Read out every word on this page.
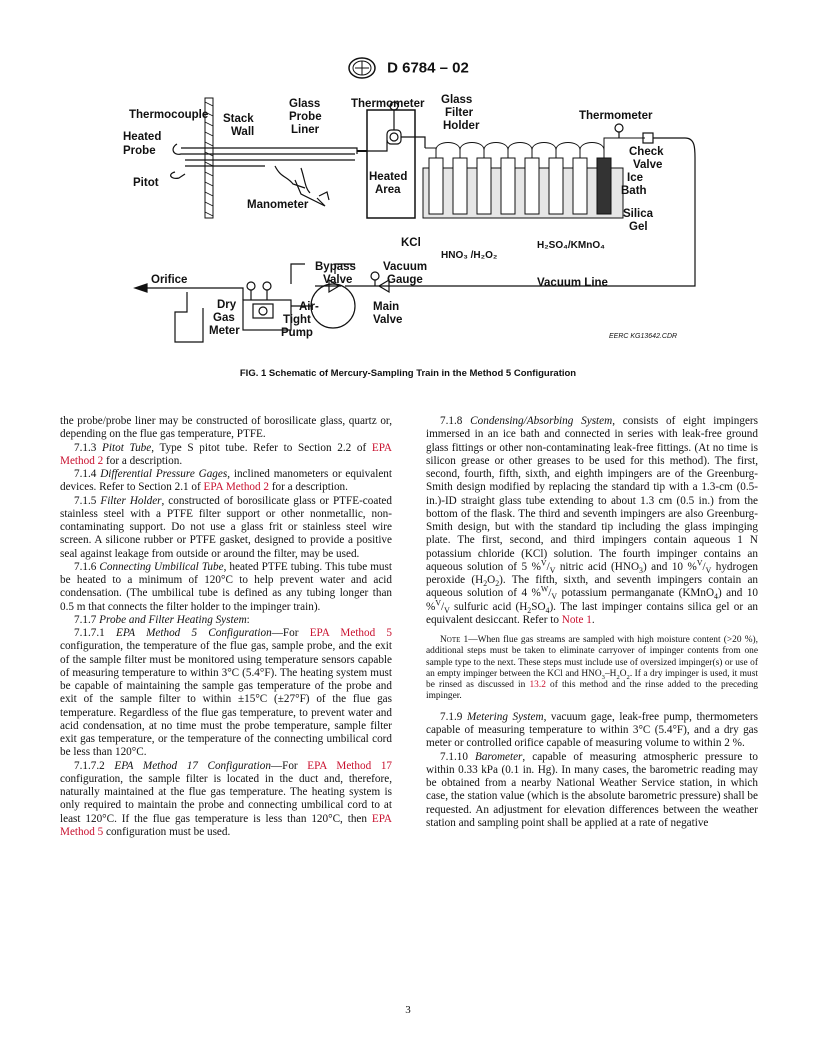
D 6784 – 02
Thermocouple Stack
Wall
Heated
Probe
Pitot
Manometer
Glass
Probe
Liner
Thermometer Glass
Filter
Holder
Heated
Area
Thermometer
Check
Valve
Ice
Bath
Silica
Gel
KCl
HNO₃ /H₂O₂
H₂SO₄/KMnO₄
Bypass
Valve
Vacuum
Gauge
Orifice
Dry
Gas
Meter
Air-
Tight
Pump
Main
Valve
Vacuum Line
EERC KG13642.CDR
FIG. 1 Schematic of Mercury-Sampling Train in the Method 5 Configuration

the probe/probe liner may be constructed of borosilicate glass, quartz or, depending on the flue gas temperature, PTFE.

7.1.3 Pitot Tube, Type S pitot tube. Refer to Section 2.2 of EPA Method 2 for a description.

7.1.4 Differential Pressure Gages, inclined manometers or equivalent devices. Refer to Section 2.1 of EPA Method 2 for a description.

7.1.5 Filter Holder, constructed of borosilicate glass or PTFE-coated stainless steel with a PTFE filter support or other nonmetallic, non-contaminating support. Do not use a glass frit or stainless steel wire screen. A silicone rubber or PTFE gasket, designed to provide a positive seal against leakage from outside or around the filter, may be used.

7.1.6 Connecting Umbilical Tube, heated PTFE tubing. This tube must be heated to a minimum of 120°C to help prevent water and acid condensation. (The umbilical tube is defined as any tubing longer than 0.5 m that connects the filter holder to the impinger train).

7.1.7 Probe and Filter Heating System:

7.1.7.1 EPA Method 5 Configuration—For EPA Method 5 configuration, the temperature of the flue gas, sample probe, and the exit of the sample filter must be monitored using temperature sensors capable of measuring temperature to within 3°C (5.4°F). The heating system must be capable of maintaining the sample gas temperature of the probe and exit of the sample filter to within ±15°C (±27°F) of the flue gas temperature. Regardless of the flue gas temperature, to prevent water and acid condensation, at no time must the probe temperature, sample filter exit gas temperature, or the temperature of the connecting umbilical cord be less than 120°C.

7.1.7.2 EPA Method 17 Configuration—For EPA Method 17 configuration, the sample filter is located in the duct and, therefore, naturally maintained at the flue gas temperature. The heating system is only required to maintain the probe and connecting umbilical cord to at least 120°C. If the flue gas temperature is less than 120°C, then EPA Method 5 configuration must be used.

7.1.8 Condensing/Absorbing System, consists of eight impingers immersed in an ice bath and connected in series with leak-free ground glass fittings or other non-contaminating leak-free fittings. (At no time is silicon grease or other greases to be used for this method). The first, second, fourth, fifth, sixth, and eighth impingers are of the Greenburg-Smith design modified by replacing the standard tip with a 1.3-cm (0.5-in.)-ID straight glass tube extending to about 1.3 cm (0.5 in.) from the bottom of the flask. The third and seventh impingers are also Greenburg-Smith design, but with the standard tip including the glass impinging plate. The first, second, and third impingers contain aqueous 1 N potassium chloride (KCl) solution. The fourth impinger contains an aqueous solution of 5 $\%^V/_V$ nitric acid $(HNO_3)$ and 10 $\%^V/_V$ hydrogen peroxide $(H_2O_2)$. The fifth, sixth, and seventh impingers contain an aqueous solution of 4 $\%^W/_V$ potassium permanganate (KMnO$_4$) and 10 $\%^V/_V$ sulfuric acid $(H_2SO_4)$. The last impinger contains silica gel or an equivalent desiccant. Refer to Note 1.

Note 1—When flue gas streams are sampled with high moisture content (>20 %), additional steps must be taken to eliminate carryover of impinger contents from one sample type to the next. These steps must include use of oversized impinger(s) or use of an empty impinger between the KCl and $HNO_3-H_2O_2$. If a dry impinger is used, it must be rinsed as discussed in 13.2 of this method and the rinse added to the preceding impinger.

7.1.9 Metering System, vacuum gage, leak-free pump, thermometers capable of measuring temperature to within 3°C (5.4°F), and a dry gas meter or controlled orifice capable of measuring volume to within 2 %.

7.1.10 Barometer, capable of measuring atmospheric pressure to within 0.33 kPa (0.1 in. Hg). In many cases, the barometric reading may be obtained from a nearby National Weather Service station, in which case, the station value (which is the absolute barometric pressure) shall be requested. An adjustment for elevation differences between the weather station and sampling point shall be applied at a rate of negative

3
